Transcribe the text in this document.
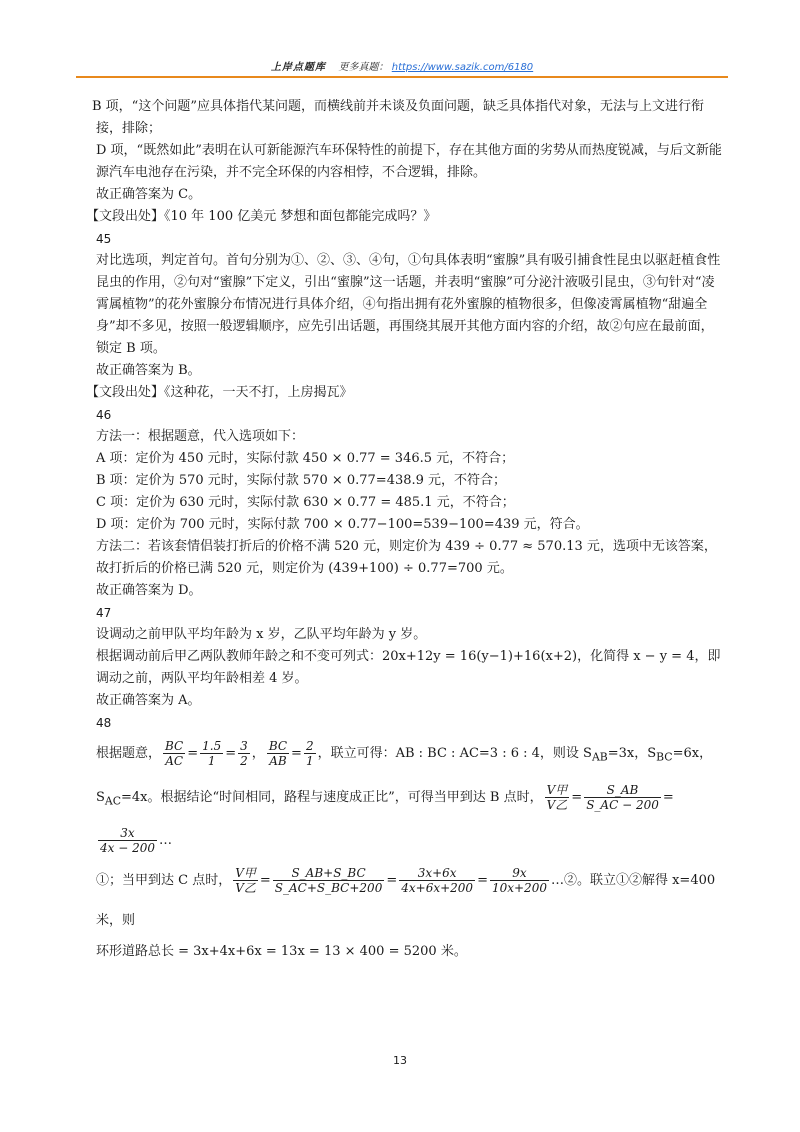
上岸点题库 更多真题： https://www.sazik.com/6180

B 项，“这个问题”应具体指代某问题，而横线前并未谈及负面问题，缺乏具体指代对象，无法与上文进行衔接，排除；

D 项，“既然如此”表明在认可新能源汽车环保特性的前提下，存在其他方面的劣势从而热度锐减，与后文新能源汽车电池存在污染，并不完全环保的内容相悖，不合逻辑，排除。

故正确答案为 C。

【文段出处】《10 年 100 亿美元 梦想和面包都能完成吗？》

45

对比选项，判定首句。首句分别为①、②、③、④句，①句具体表明“蜜腺”具有吸引捕食性昆虫以驱赶植食性昆虫的作用，②句对“蜜腺”下定义，引出“蜜腺”这一话题，并表明“蜜腺”可分泌汁液吸引昆虫，③句针对“凌霄属植物”的花外蜜腺分布情况进行具体介绍，④句指出拥有花外蜜腺的植物很多，但像凌霄属植物“甜遍全身”却不多见，按照一般逻辑顺序，应先引出话题，再围绕其展开其他方面内容的介绍，故②句应在最前面，锁定 B 项。

故正确答案为 B。

【文段出处】《这种花，一天不打，上房揭瓦》

46

方法一：根据题意，代入选项如下：

A 项：定价为 450 元时，实际付款 450 × 0.77 = 346.5 元，不符合；

B 项：定价为 570 元时，实际付款 570 × 0.77=438.9 元，不符合；

C 项：定价为 630 元时，实际付款 630 × 0.77 = 485.1 元，不符合；

D 项：定价为 700 元时，实际付款 700 × 0.77−100=539−100=439 元，符合。

方法二：若该套情侣装打折后的价格不满 520 元，则定价为 439 ÷ 0.77 ≈ 570.13 元，选项中无该答案，故打折后的价格已满 520 元，则定价为 (439+100) ÷ 0.77=700 元。

故正确答案为 D。

47

设调动之前甲队平均年龄为 x 岁，乙队平均年龄为 y 岁。

根据调动前后甲乙两队教师年龄之和不变可列式：20x+12y = 16(y−1)+16(x+2)，化简得 x − y = 4，即调动之前，两队平均年龄相差 4 岁。

故正确答案为 A。

48

根据题意， $\frac{BC}{AC} = \frac{1.5}{1} = \frac{3}{2}$ ， $\frac{BC}{AB} = \frac{2}{1}$ ，联立可得：AB : BC : AC=3 : 6 : 4，则设 $S_{AB}=3x$，$S_{BC}=6x$，

$S_{AC}=4x$。根据结论“时间相同，路程与速度成正比”，可得当甲到达 B 点时， $\frac{\text{V甲}}{\text{V乙}} = \frac{S\_AB}{S\_AC - 200}$ =
$\frac{3x}{4x - 200}$ …

①；当甲到达 C 点时， $\frac{\text{V甲}}{\text{V乙}} = \frac{S\_AB+S\_BC}{S\_AC+S\_BC+200} = \frac{3x+6x}{4x+6x+200} = \frac{9x}{10x+200}$ …②。联立①②解得 x=400 米，则

环形道路总长 = 3x+4x+6x = 13x = 13 × 400 = 5200 米。

13
